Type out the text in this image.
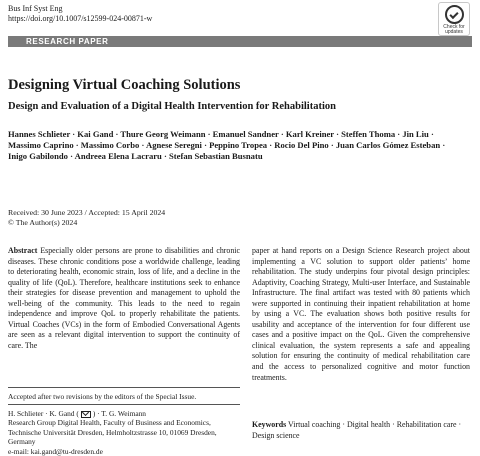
Bus Inf Syst Eng
https://doi.org/10.1007/s12599-024-00871-w
Check for updates
RESEARCH PAPER
Designing Virtual Coaching Solutions
Design and Evaluation of a Digital Health Intervention for Rehabilitation
Hannes Schlieter · Kai Gand · Thure Georg Weimann · Emanuel Sandner · Karl Kreiner · Steffen Thoma · Jin Liu · Massimo Caprino · Massimo Corbo · Agnese Seregni · Peppino Tropea · Rocio Del Pino · Juan Carlos Gómez Esteban · Inigo Gabilondo · Andreea Elena Lacraru · Stefan Sebastian Busnatu
Received: 30 June 2023 / Accepted: 15 April 2024
© The Author(s) 2024
Abstract Especially older persons are prone to disabilities and chronic diseases. These chronic conditions pose a worldwide challenge, leading to deteriorating health, economic strain, loss of life, and a decline in the quality of life (QoL). Therefore, healthcare institutions seek to enhance their strategies for disease prevention and management to uphold the well-being of the community. This leads to the need to regain independence and improve QoL to properly rehabilitate the patients. Virtual Coaches (VCs) in the form of Embodied Conversational Agents are seen as a relevant digital intervention to support the continuity of care. The
paper at hand reports on a Design Science Research project about implementing a VC solution to support older patients’ home rehabilitation. The study underpins four pivotal design principles: Adaptivity, Coaching Strategy, Multi-user Interface, and Sustainable Infrastructure. The final artifact was tested with 80 patients which were supported in continuing their inpatient rehabilitation at home by using a VC. The evaluation shows both positive results for usability and acceptance of the intervention for four different use cases and a positive impact on the QoL. Given the comprehensive clinical evaluation, the system represents a safe and appealing solution for ensuring the continuity of medical rehabilitation care and the access to personalized cognitive and motor function treatments.
Accepted after two revisions by the editors of the Special Issue.
H. Schlieter · K. Gand ( ) · T. G. Weimann
Research Group Digital Health, Faculty of Business and Economics, Technische Universität Dresden, Helmholtzstrasse 10, 01069 Dresden, Germany
e-mail: kai.gand@tu-dresden.de
Keywords Virtual coaching · Digital health · Rehabilitation care · Design science
